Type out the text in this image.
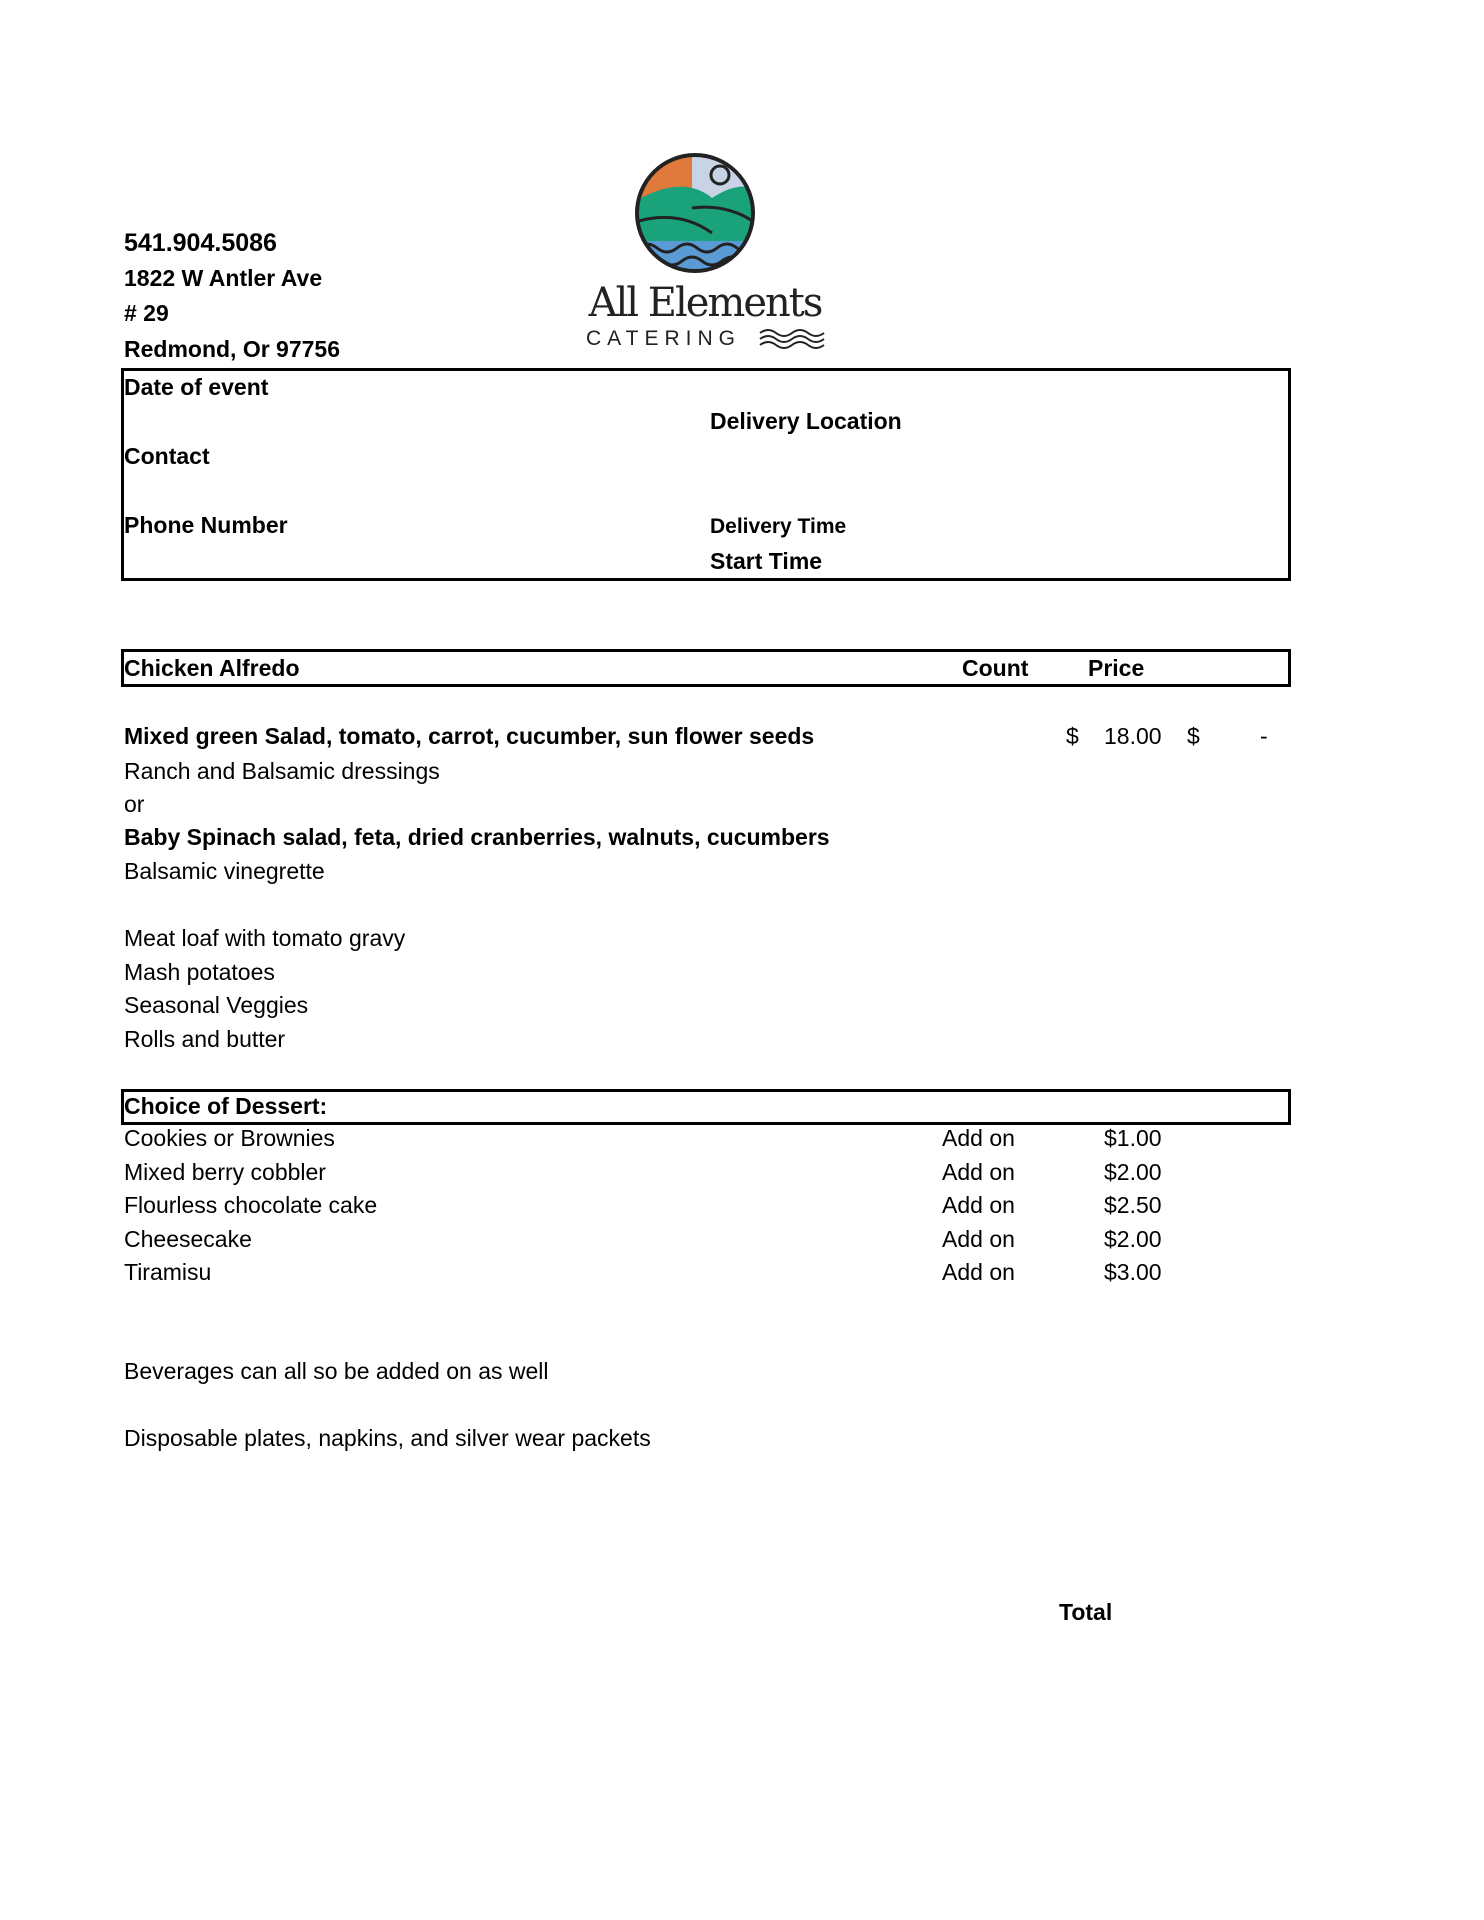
541.904.5086
1822 W Antler Ave
# 29
Redmond, Or 97756
All Elements
CATERING
Date of event
Contact
Phone Number
Delivery Location
Delivery Time
Start Time
Chicken Alfredo	Count	Price
Mixed green Salad, tomato, carrot, cucumber, sun flower seeds	$ 18.00 $	-
Ranch and Balsamic dressings
or
Baby Spinach salad, feta, dried cranberries, walnuts, cucumbers
Balsamic vinegrette
Meat loaf with tomato gravy
Mash potatoes
Seasonal Veggies
Rolls and butter
Choice of Dessert:
Cookies or Brownies	Add on	$1.00
Mixed berry cobbler	Add on	$2.00
Flourless chocolate cake	Add on	$2.50
Cheesecake	Add on	$2.00
Tiramisu	Add on	$3.00
Beverages can all so be added on as well
Disposable plates, napkins, and silver wear packets
Total
